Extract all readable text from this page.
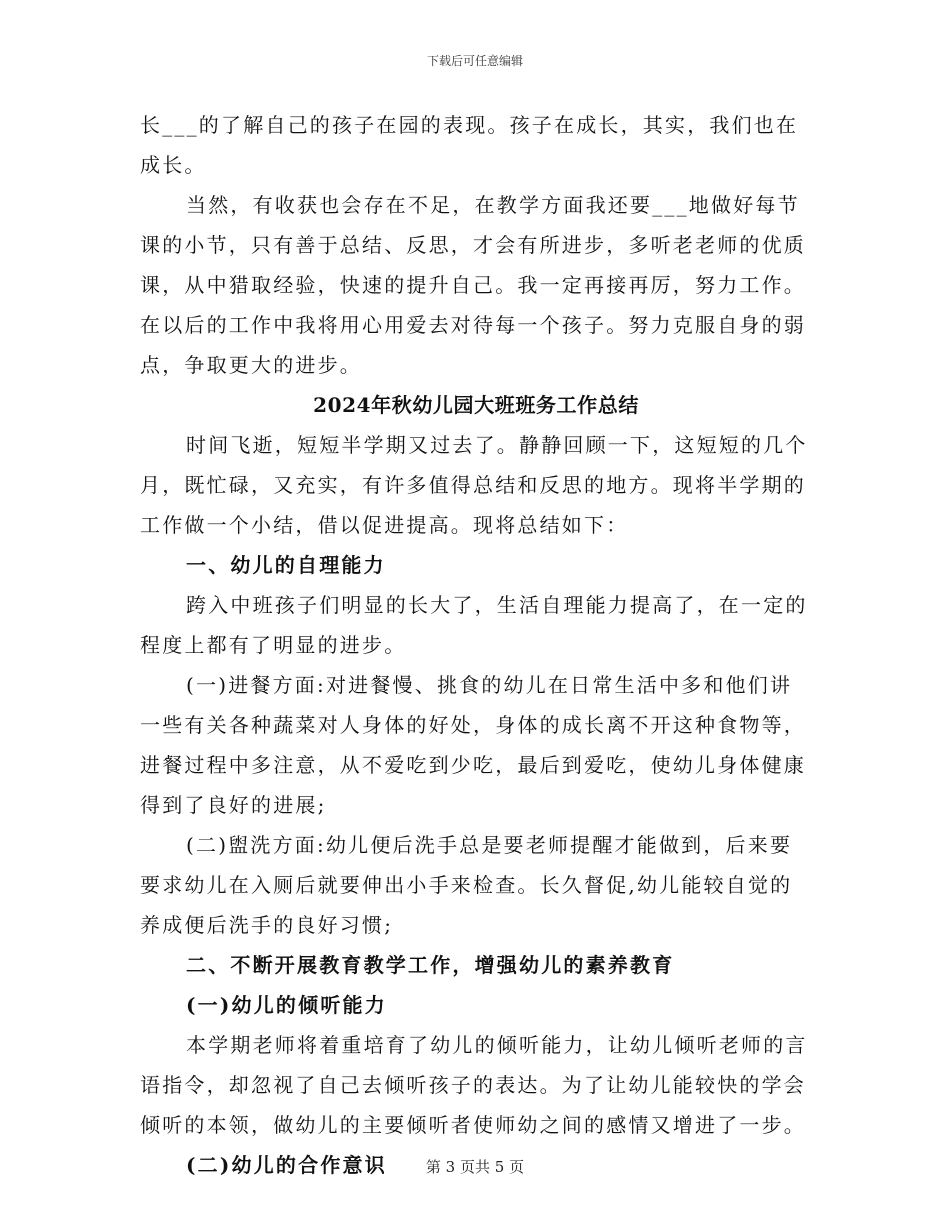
下载后可任意编辑

长___的了解自己的孩子在园的表现。孩子在成长，其实，我们也在成长。

当然，有收获也会存在不足，在教学方面我还要___地做好每节课的小节，只有善于总结、反思，才会有所进步，多听老老师的优质课，从中猎取经验，快速的提升自己。我一定再接再厉，努力工作。在以后的工作中我将用心用爱去对待每一个孩子。努力克服自身的弱点，争取更大的进步。

2024年秋幼儿园大班班务工作总结

时间飞逝，短短半学期又过去了。静静回顾一下，这短短的几个月，既忙碌，又充实，有许多值得总结和反思的地方。现将半学期的工作做一个小结，借以促进提高。现将总结如下：

一、幼儿的自理能力

跨入中班孩子们明显的长大了，生活自理能力提高了，在一定的程度上都有了明显的进步。

(一)进餐方面:对进餐慢、挑食的幼儿在日常生活中多和他们讲一些有关各种蔬菜对人身体的好处，身体的成长离不开这种食物等，进餐过程中多注意，从不爱吃到少吃，最后到爱吃，使幼儿身体健康得到了良好的进展;

(二)盥洗方面:幼儿便后洗手总是要老师提醒才能做到，后来要要求幼儿在入厕后就要伸出小手来检查。长久督促,幼儿能较自觉的养成便后洗手的良好习惯;

二、不断开展教育教学工作，增强幼儿的素养教育

(一)幼儿的倾听能力

本学期老师将着重培育了幼儿的倾听能力，让幼儿倾听老师的言语指令，却忽视了自己去倾听孩子的表达。为了让幼儿能较快的学会倾听的本领，做幼儿的主要倾听者使师幼之间的感情又增进了一步。

(二)幼儿的合作意识	第 3 页共 5 页
